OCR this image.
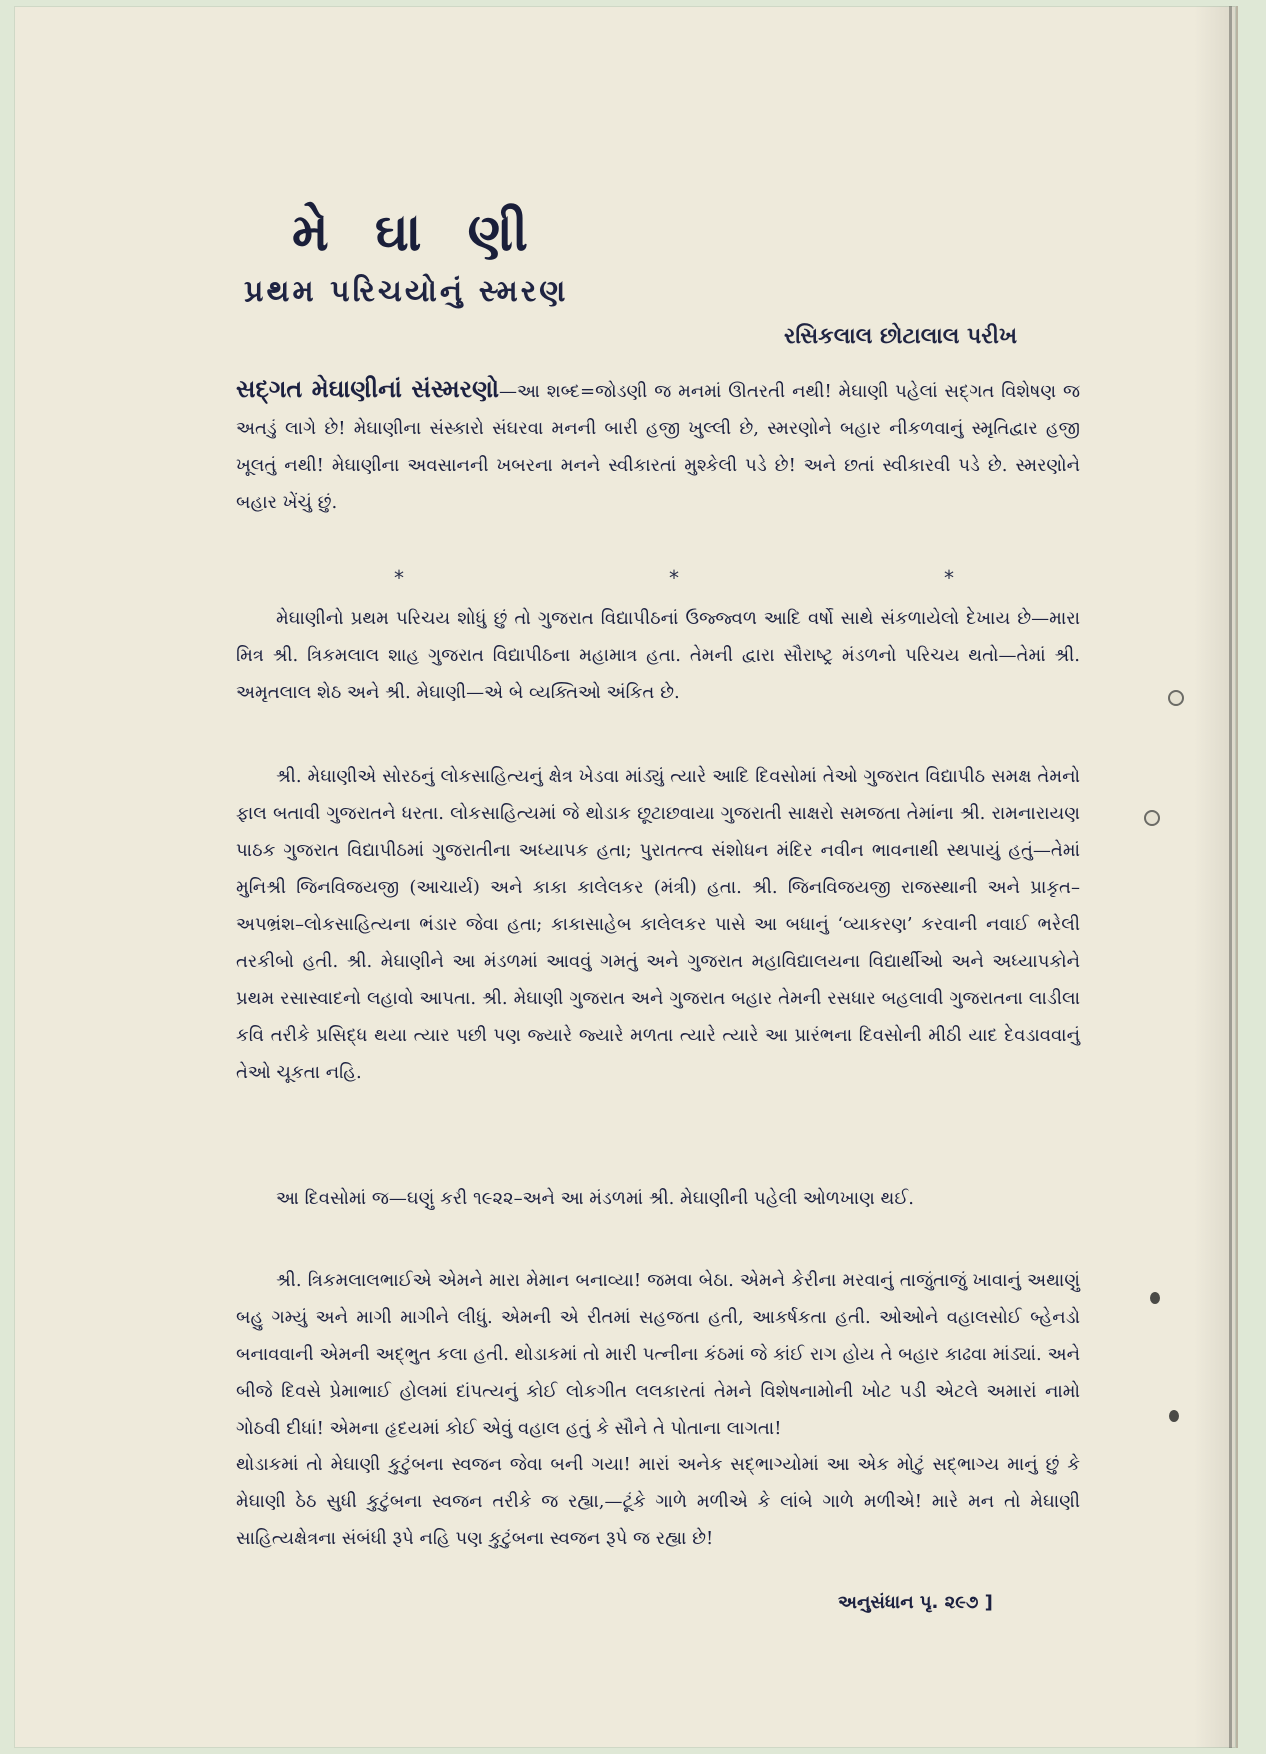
મે ઘા ણી
પ્રથમ પરિચયોનું સ્મરણ
રસિકલાલ છોટાલાલ પરીખ

સદ્‌ગત મેઘાણીનાં સંસ્મરણો—આ શબ્દ=જોડણી જ મનમાં ઊતરતી નથી! મેઘાણી પહેલાં સદ્‌ગત વિશેષણ જ અતડું લાગે છે! મેઘાણીના સંસ્કારો સંઘરવા મનની બારી હજી ખુલ્લી છે, સ્મરણોને બહાર નીકળવાનું સ્મૃતિદ્વાર હજી ખૂલતું નથી! મેઘાણીના અવસાનની ખબરના મનને સ્વીકારતાં મુશ્કેલી પડે છે! અને છતાં સ્વીકારવી પડે છે. સ્મરણોને બહાર ખેંચું છું.

*	*	*

મેઘાણીનો પ્રથમ પરિચય શોધું છું તો ગુજરાત વિદ્યાપીઠનાં ઉજ્જ્વળ આદિ વર્ષો સાથે સંકળાયેલો દેખાય છે—મારા મિત્ર શ્રી. ત્રિકમલાલ શાહ ગુજરાત વિદ્યાપીઠના મહામાત્ર હતા. તેમની દ્વારા સૌરાષ્ટ્ર મંડળનો પરિચય થતો—તેમાં શ્રી. અમૃતલાલ શેઠ અને શ્રી. મેઘાણી—એ બે વ્યક્તિઓ અંકિત છે.

શ્રી. મેઘાણીએ સોરઠનું લોકસાહિત્યનું ક્ષેત્ર ખેડવા માંડ્યું ત્યારે આદિ દિવસોમાં તેઓ ગુજરાત વિદ્યાપીઠ સમક્ષ તેમનો ફાલ બતાવી ગુજરાતને ધરતા. લોકસાહિત્યમાં જે થોડાક છૂટાછવાયા ગુજરાતી સાક્ષરો સમજતા તેમાંના શ્રી. રામનારાયણ પાઠક ગુજરાત વિદ્યાપીઠમાં ગુજરાતીના અધ્યાપક હતા; પુરાતત્ત્વ સંશોધન મંદિર નવીન ભાવનાથી સ્થપાયું હતું—તેમાં મુનિશ્રી જિનવિજયજી (આચાર્ય) અને કાકા કાલેલકર (મંત્રી) હતા. શ્રી. જિનવિજયજી રાજસ્થાની અને પ્રાકૃત–અપભ્રંશ–લોકસાહિત્યના ભંડાર જેવા હતા; કાકાસાહેબ કાલેલકર પાસે આ બધાનું ‘વ્યાકરણ’ કરવાની નવાઈ ભરેલી તરકીબો હતી. શ્રી. મેઘાણીને આ મંડળમાં આવવું ગમતું અને ગુજરાત મહાવિદ્યાલયના વિદ્યાર્થીઓ અને અધ્યાપકોને પ્રથમ રસાસ્વાદનો લહાવો આપતા. શ્રી. મેઘાણી ગુજરાત અને ગુજરાત બહાર તેમની રસધાર બહલાવી ગુજરાતના લાડીલા કવિ તરીકે પ્રસિદ્ધ થયા ત્યાર પછી પણ જ્યારે જ્યારે મળતા ત્યારે ત્યારે આ પ્રારંભના દિવસોની મીઠી યાદ દેવડાવવાનું તેઓ ચૂકતા નહિ.

આ દિવસોમાં જ—ઘણું કરી ૧૯૨૨–અને આ મંડળમાં શ્રી. મેઘાણીની પહેલી ઓળખાણ થઈ.

શ્રી. ત્રિકમલાલભાઈએ એમને મારા મેમાન બનાવ્યા! જમવા બેઠા. એમને કેરીના મરવાનું તાજુંતાજું ખાવાનું અથાણું બહુ ગમ્યું અને માગી માગીને લીધું. એમની એ રીતમાં સહજતા હતી, આકર્ષકતા હતી. ઓઓને વહાલસોઈ બ્હેનડો બનાવવાની એમની અદ્ભુત કલા હતી. થોડાકમાં તો મારી પત્નીના કંઠમાં જે કાંઈ રાગ હોય તે બહાર કાઢવા માંડ્યાં. અને બીજે દિવસે પ્રેમાભાઈ હોલમાં દાંપત્યનું કોઈ લોકગીત લલકારતાં તેમને વિશેષનામોની ખોટ પડી એટલે અમારાં નામો ગોઠવી દીધાં! એમના હૃદયમાં કોઈ એવું વહાલ હતું કે સૌને તે પોતાના લાગતા!

થોડાકમાં તો મેઘાણી કુટુંબના સ્વજન જેવા બની ગયા! મારાં અનેક સદ્‌ભાગ્યોમાં આ એક મોટું સદ્‌ભાગ્ય માનું છું કે મેઘાણી ઠેઠ સુધી કુટુંબના સ્વજન તરીકે જ રહ્યા,—ટૂંકે ગાળે મળીએ કે લાંબે ગાળે મળીએ! મારે મન તો મેઘાણી સાહિત્યક્ષેત્રના સંબંધી રૂપે નહિ પણ કુટુંબના સ્વજન રૂપે જ રહ્યા છે!

અનુસંધાન પૃ. ૨૯૭ ]
